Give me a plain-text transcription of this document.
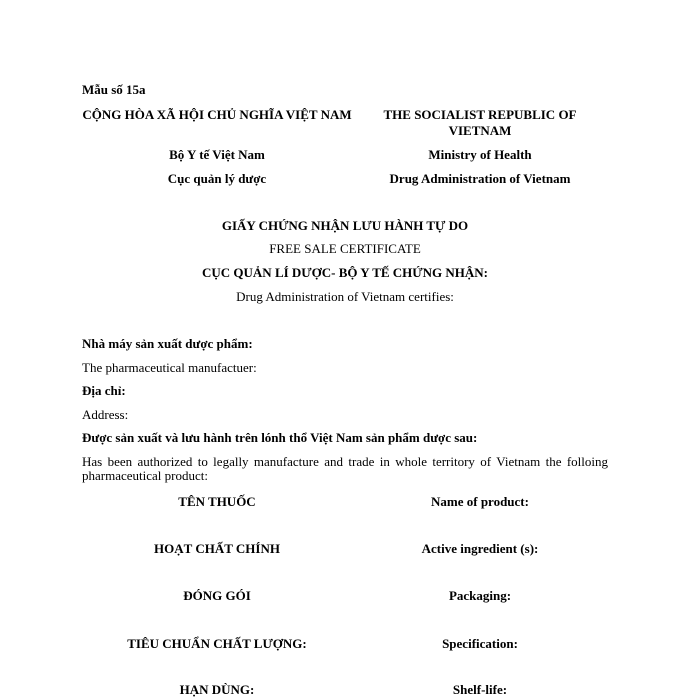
Mẫu số 15a
CỘNG HÒA XÃ HỘI CHỦ NGHĨA VIỆT NAM	THE SOCIALIST REPUBLIC OF VIETNAM
Bộ Y tế Việt Nam	Ministry of Health
Cục quản lý dược	Drug Administration of Vietnam
GIẤY CHỨNG NHẬN LƯU HÀNH TỰ DO
FREE SALE CERTIFICATE
CỤC QUẢN LÍ DƯỢC- BỘ Y TẾ CHỨNG NHẬN:
Drug Administration of Vietnam certifies:
Nhà máy sản xuất dược phẩm:
The pharmaceutical manufactuer:
Địa chỉ:
Address:
Được sản xuất và lưu hành trên lónh thổ Việt Nam sản phẩm dược sau:
Has been authorized to legally manufacture and trade in whole territory of Vietnam the folloing pharmaceutical product:
TÊN THUỐC	Name of product:
HOẠT CHẤT CHÍNH	Active ingredient (s):
ĐÓNG GÓI	Packaging:
TIÊU CHUẨN CHẤT LƯỢNG:	Specification:
HẠN DÙNG:	Shelf-life:
